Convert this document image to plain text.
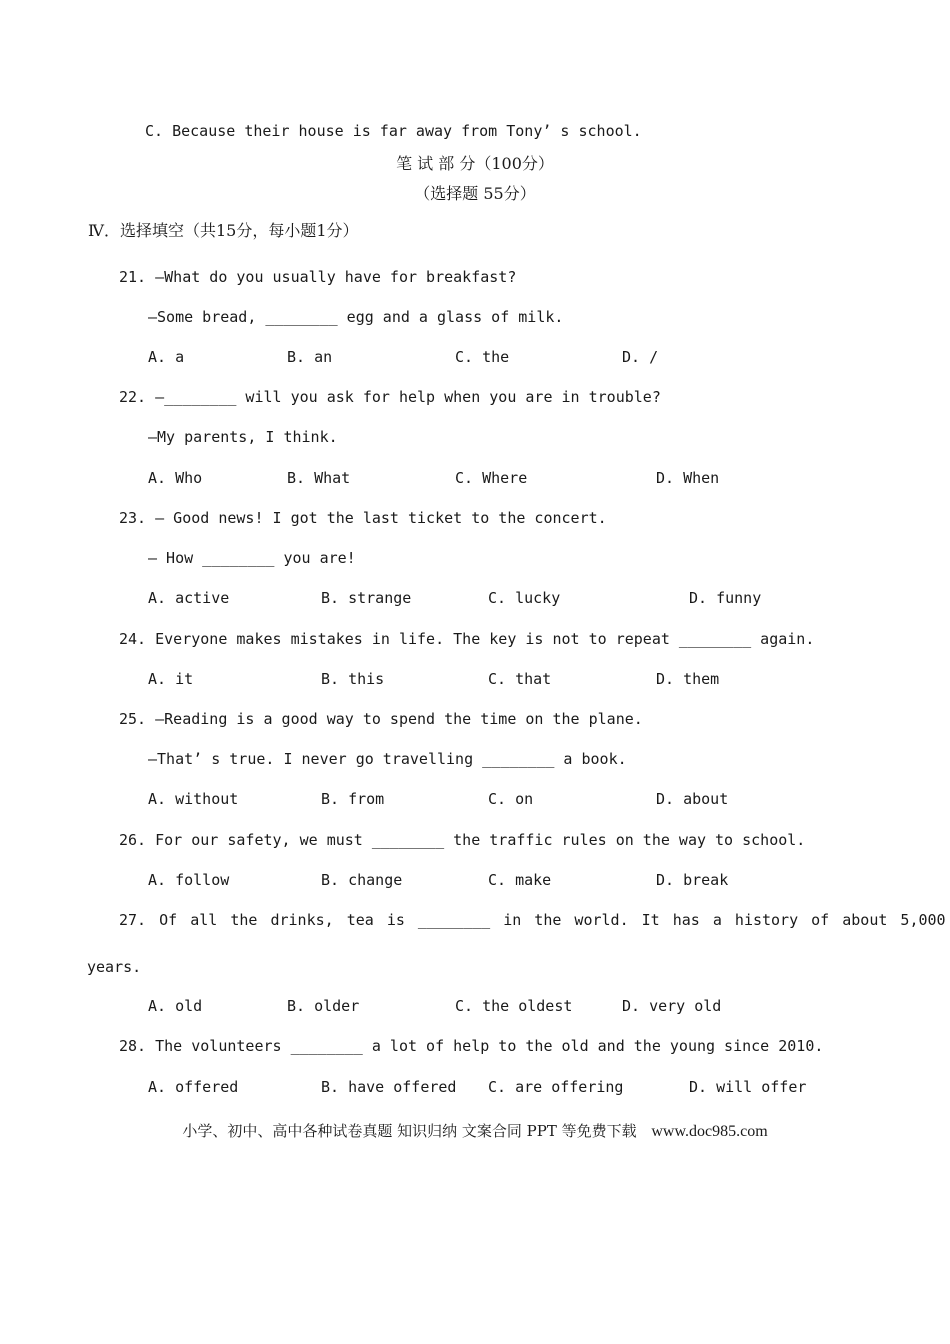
C. Because their house is far away from Tony’ s school.
笔 试 部 分（100分）
（选择题 55分）
Ⅳ．选择填空（共15分，每小题1分）
21. —What do you usually have for breakfast?
—Some bread, ________ egg and a glass of milk.
A. a	B. an	C. the	D. /
22. —________ will you ask for help when you are in trouble?
—My parents, I think.
A. Who	B. What	C. Where	D. When
23. — Good news! I got the last ticket to the concert.
— How ________ you are!
A. active	B. strange	C. lucky	D. funny
24. Everyone makes mistakes in life. The key is not to repeat ________ again.
A. it	B. this	C. that	D. them
25. —Reading is a good way to spend the time on the plane.
—That’ s true. I never go travelling ________ a book.
A. without	B. from	C. on	D. about
26. For our safety, we must ________ the traffic rules on the way to school.
A. follow	B. change	C. make	D. break
27. Of all the drinks, tea is ________ in the world. It has a history of about 5,000
years.
A. old	B. older	C. the oldest	D. very old
28. The volunteers ________ a lot of help to the old and the young since 2010.
A. offered	B. have offered C. are offering	D. will offer
小学、初中、高中各种试卷真题 知识归纳 文案合同 PPT 等免费下载 www.doc985.com
